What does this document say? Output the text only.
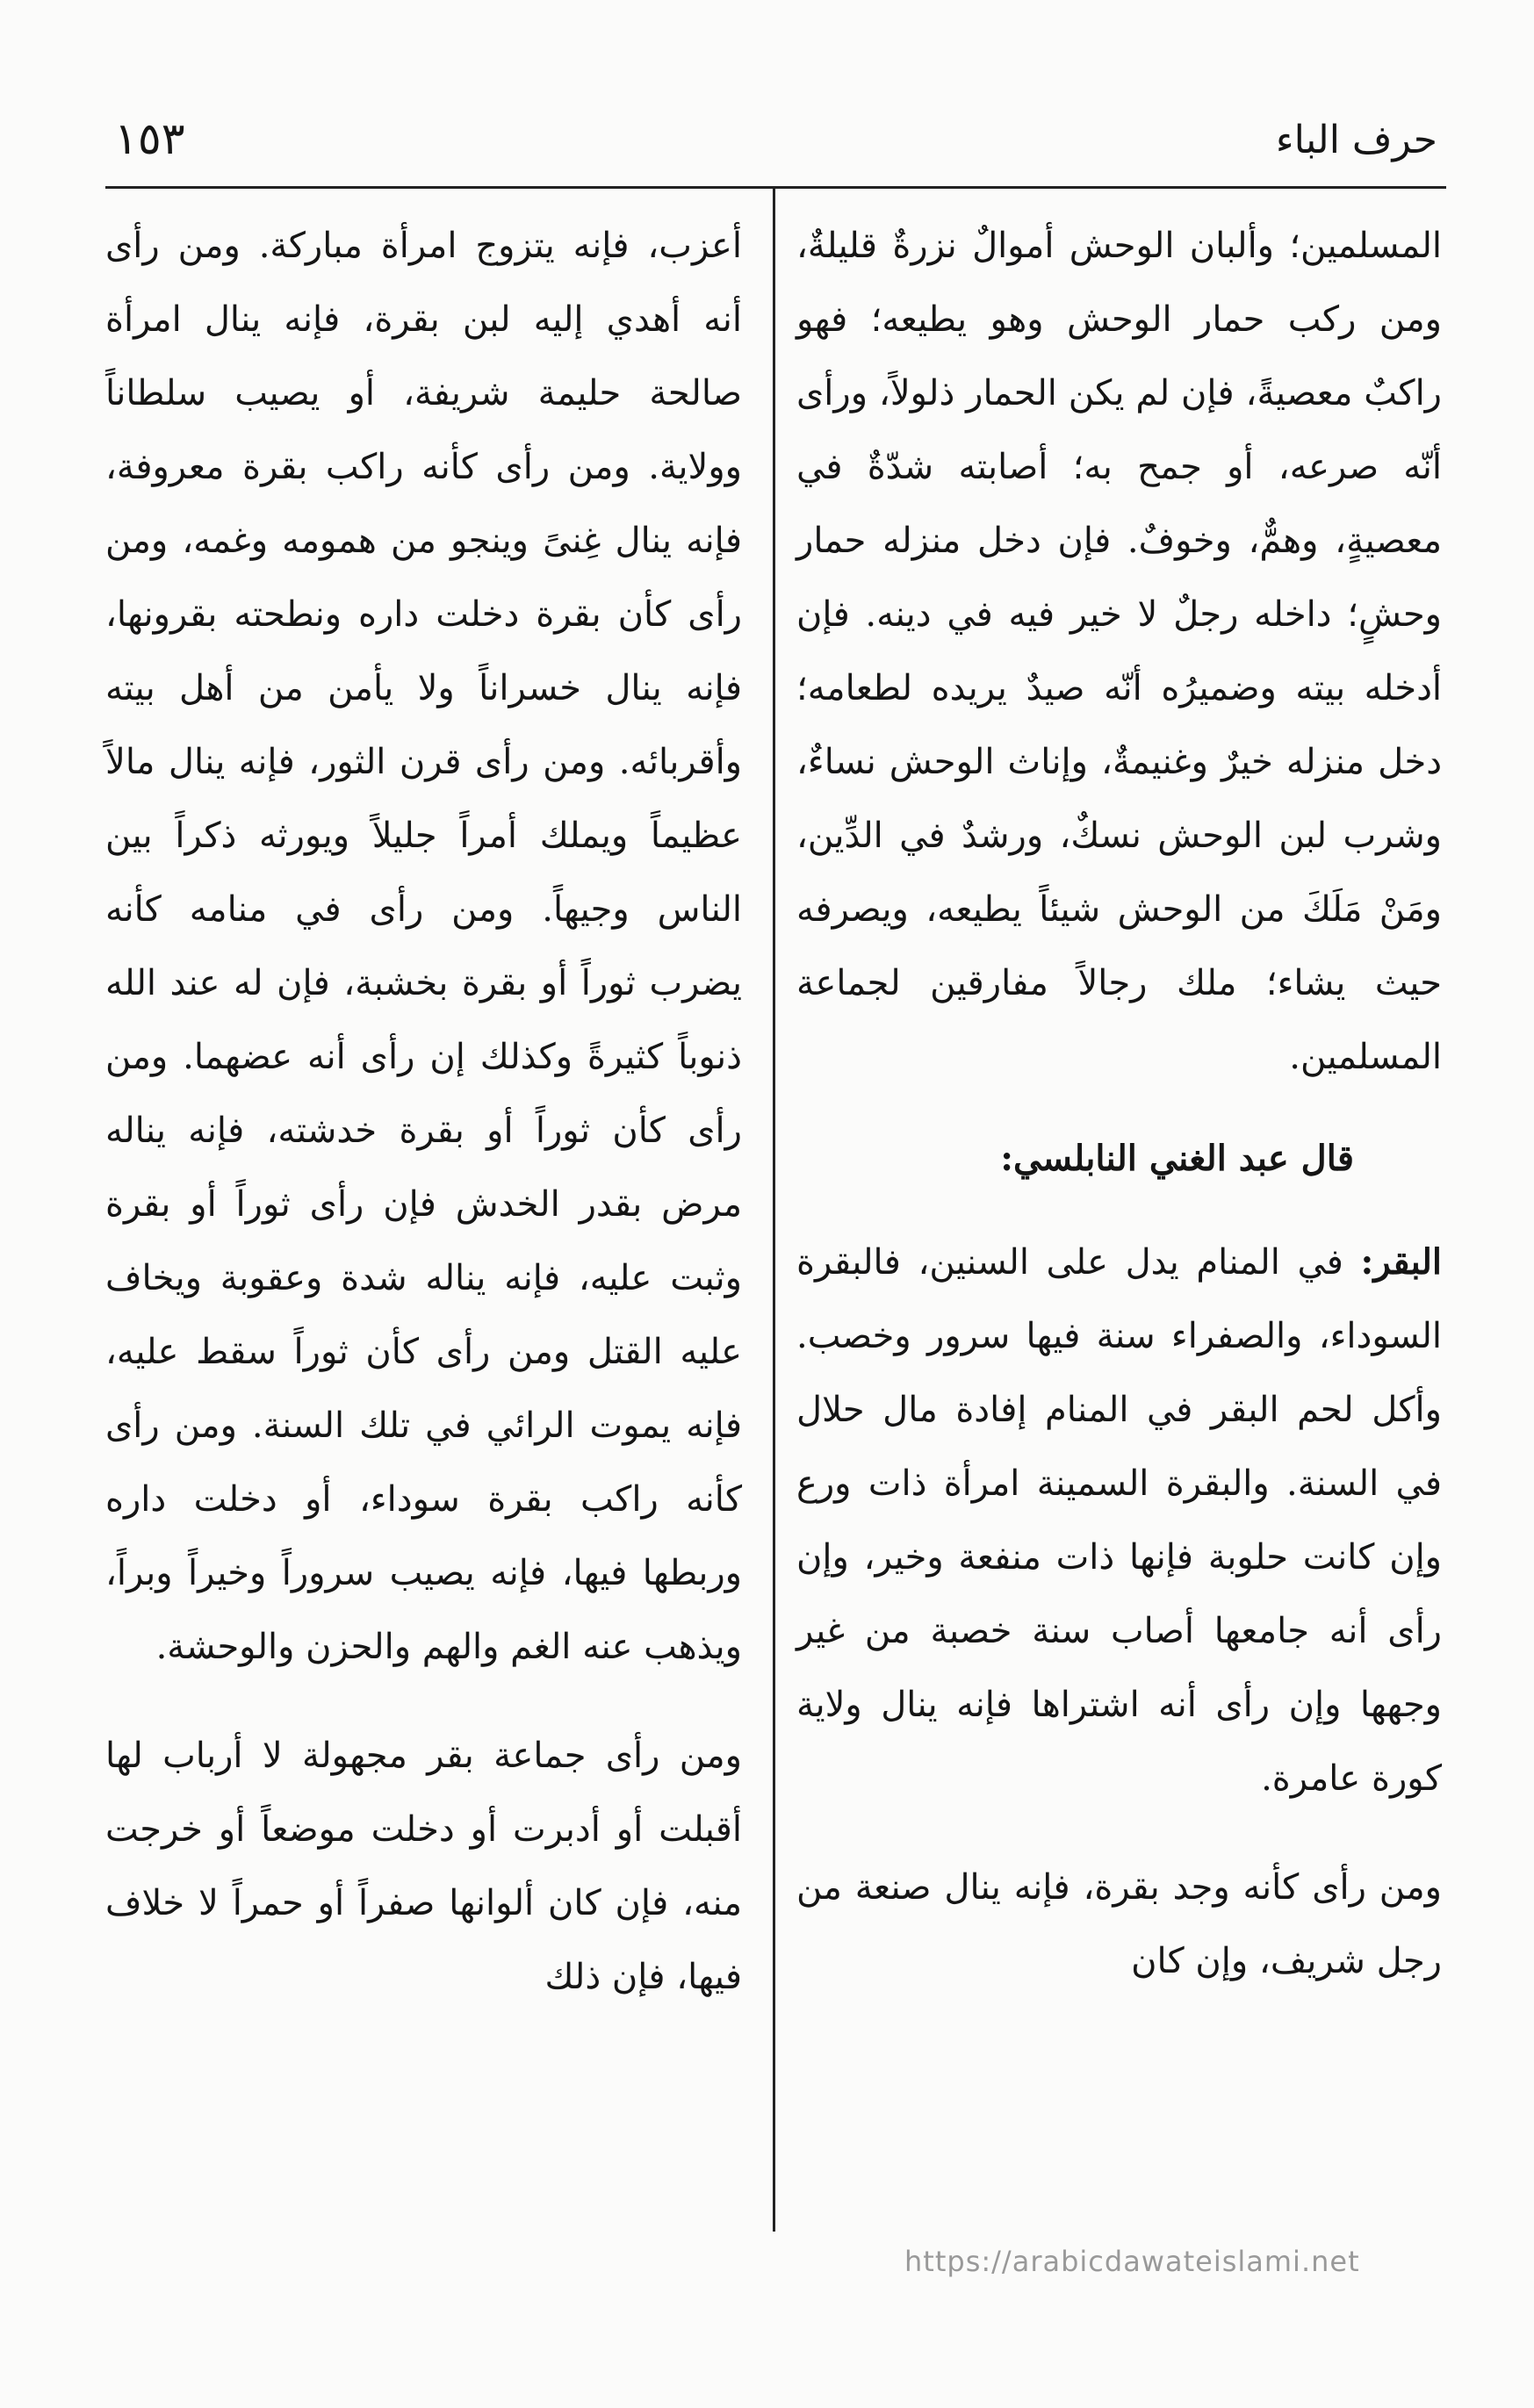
حرف الباء
١٥٣

المسلمين؛ وألبان الوحش أموالٌ نزرةٌ قليلةٌ، ومن ركب حمار الوحش وهو يطيعه؛ فهو راكبٌ معصيةً، فإن لم يكن الحمار ذلولاً، ورأى أنّه صرعه، أو جمح به؛ أصابته شدّةٌ في معصيةٍ، وهمٌّ، وخوفٌ. فإن دخل منزله حمار وحشٍ؛ داخله رجلٌ لا خير فيه في دينه. فإن أدخله بيته وضميرُه أنّه صيدٌ يريده لطعامه؛ دخل منزله خيرٌ وغنيمةٌ، وإناث الوحش نساءٌ، وشرب لبن الوحش نسكٌ، ورشدٌ في الدِّين، ومَنْ مَلَكَ من الوحش شيئاً يطيعه، ويصرفه حيث يشاء؛ ملك رجالاً مفارقين لجماعة المسلمين.

قال عبد الغني النابلسي:

البقر: في المنام يدل على السنين، فالبقرة السوداء، والصفراء سنة فيها سرور وخصب. وأكل لحم البقر في المنام إفادة مال حلال في السنة. والبقرة السمينة امرأة ذات ورع وإن كانت حلوبة فإنها ذات منفعة وخير، وإن رأى أنه جامعها أصاب سنة خصبة من غير وجهها وإن رأى أنه اشتراها فإنه ينال ولاية كورة عامرة.

ومن رأى كأنه وجد بقرة، فإنه ينال صنعة من رجل شريف، وإن كان

أعزب، فإنه يتزوج امرأة مباركة. ومن رأى أنه أهدي إليه لبن بقرة، فإنه ينال امرأة صالحة حليمة شريفة، أو يصيب سلطاناً وولاية. ومن رأى كأنه راكب بقرة معروفة، فإنه ينال غِنىً وينجو من همومه وغمه، ومن رأى كأن بقرة دخلت داره ونطحته بقرونها، فإنه ينال خسراناً ولا يأمن من أهل بيته وأقربائه. ومن رأى قرن الثور، فإنه ينال مالاً عظيماً ويملك أمراً جليلاً ويورثه ذكراً بين الناس وجيهاً. ومن رأى في منامه كأنه يضرب ثوراً أو بقرة بخشبة، فإن له عند الله ذنوباً كثيرةً وكذلك إن رأى أنه عضهما. ومن رأى كأن ثوراً أو بقرة خدشته، فإنه يناله مرض بقدر الخدش فإن رأى ثوراً أو بقرة وثبت عليه، فإنه يناله شدة وعقوبة ويخاف عليه القتل ومن رأى كأن ثوراً سقط عليه، فإنه يموت الرائي في تلك السنة. ومن رأى كأنه راكب بقرة سوداء، أو دخلت داره وربطها فيها، فإنه يصيب سروراً وخيراً وبراً، ويذهب عنه الغم والهم والحزن والوحشة.

ومن رأى جماعة بقر مجهولة لا أرباب لها أقبلت أو أدبرت أو دخلت موضعاً أو خرجت منه، فإن كان ألوانها صفراً أو حمراً لا خلاف فيها، فإن ذلك

https://arabicdawateislami.net
